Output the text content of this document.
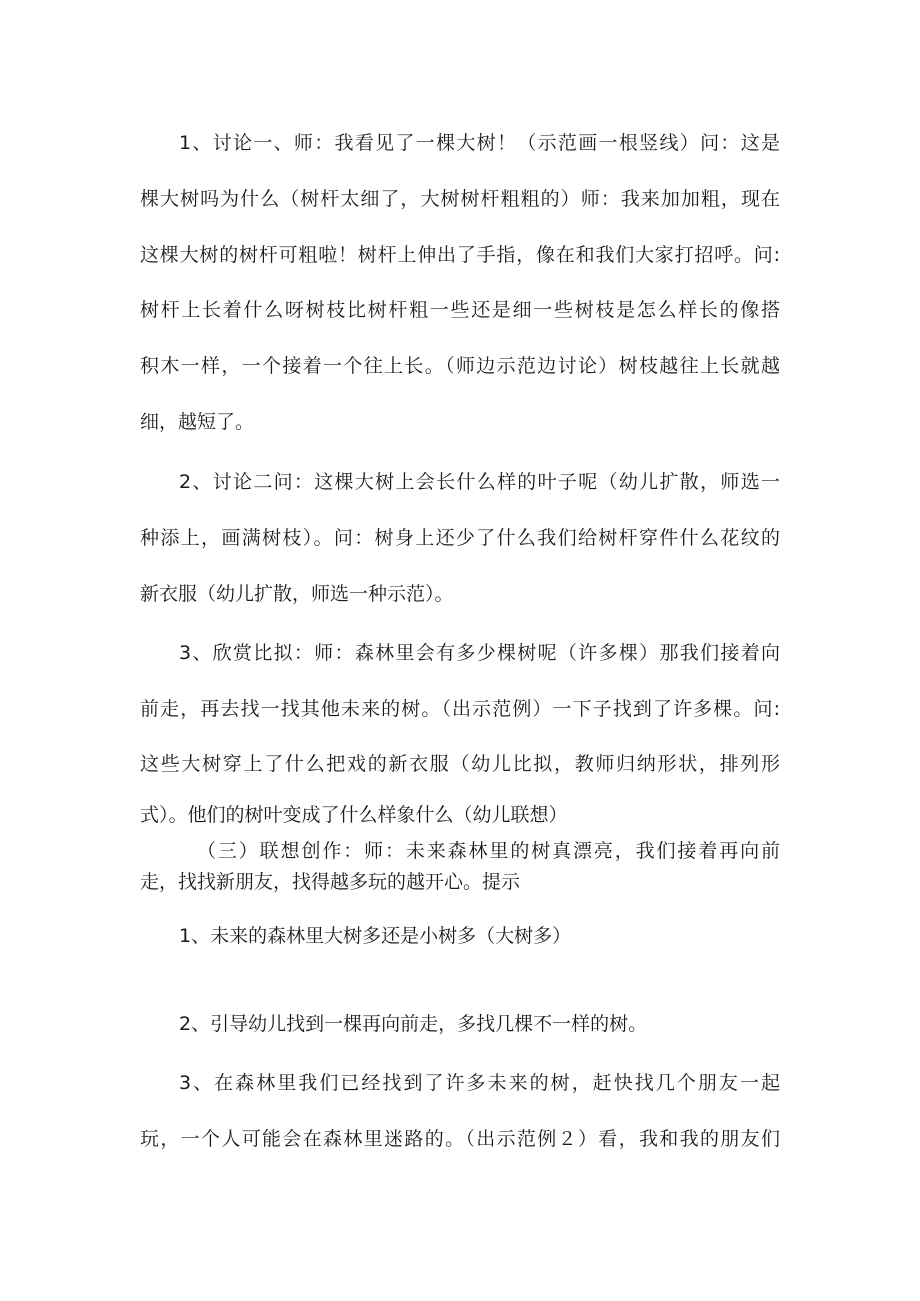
1、讨论一、师：我看见了一棵大树！（示范画一根竖线）问：这是
棵大树吗为什么（树杆太细了，大树树杆粗粗的）师：我来加加粗，现在
这棵大树的树杆可粗啦！树杆上伸出了手指，像在和我们大家打招呼。问:
树杆上长着什么呀树枝比树杆粗一些还是细一些树枝是怎么样长的像搭
积木一样，一个接着一个往上长。（师边示范边讨论）树枝越往上长就越
细，越短了。
2、讨论二问：这棵大树上会长什么样的叶子呢（幼儿扩散，师选一
种添上，画满树枝）。问：树身上还少了什么我们给树杆穿件什么花纹的
新衣服（幼儿扩散，师选一种示范）。
3、欣赏比拟：师：森林里会有多少棵树呢（许多棵）那我们接着向
前走，再去找一找其他未来的树。（出示范例）一下子找到了许多棵。问:
这些大树穿上了什么把戏的新衣服（幼儿比拟，教师归纳形状，排列形
式）。他们的树叶变成了什么样象什么（幼儿联想）
（三）联想创作：师：未来森林里的树真漂亮，我们接着再向前
走，找找新朋友，找得越多玩的越开心。提示
1、未来的森林里大树多还是小树多（大树多）
2、引导幼儿找到一棵再向前走，多找几棵不一样的树。
3、在森林里我们已经找到了许多未来的树，赶快找几个朋友一起
玩，一个人可能会在森林里迷路的。（出示范例２）看，我和我的朋友们
